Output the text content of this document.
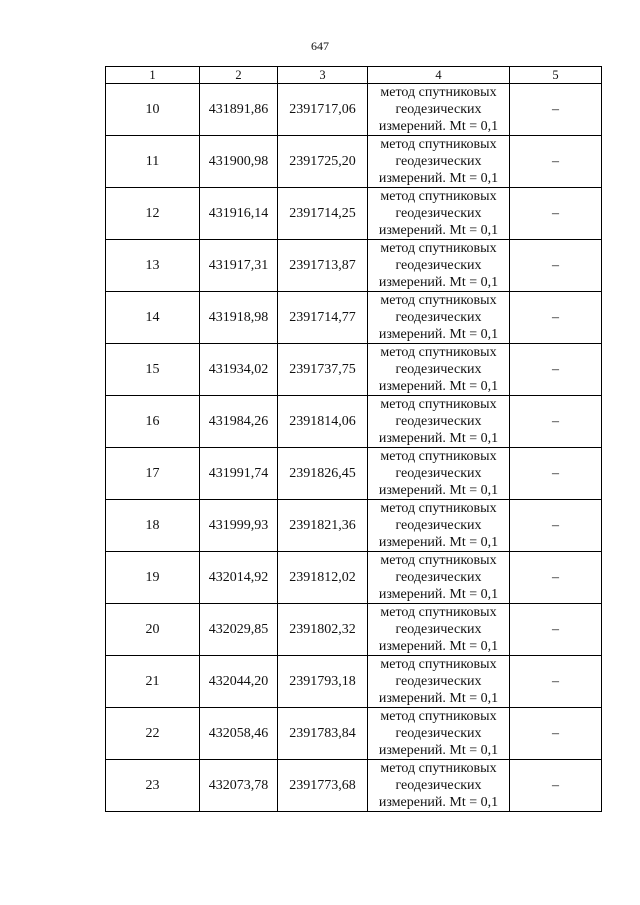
647
1	2	3	4	5
10	431891,86	2391717,06	метод спутниковых
геодезических
измерений. Mt = 0,1	–
11	431900,98	2391725,20	метод спутниковых
геодезических
измерений. Mt = 0,1	–
12	431916,14	2391714,25	метод спутниковых
геодезических
измерений. Mt = 0,1	–
13	431917,31	2391713,87	метод спутниковых
геодезических
измерений. Mt = 0,1	–
14	431918,98	2391714,77	метод спутниковых
геодезических
измерений. Mt = 0,1	–
15	431934,02	2391737,75	метод спутниковых
геодезических
измерений. Mt = 0,1	–
16	431984,26	2391814,06	метод спутниковых
геодезических
измерений. Mt = 0,1	–
17	431991,74	2391826,45	метод спутниковых
геодезических
измерений. Mt = 0,1	–
18	431999,93	2391821,36	метод спутниковых
геодезических
измерений. Mt = 0,1	–
19	432014,92	2391812,02	метод спутниковых
геодезических
измерений. Mt = 0,1	–
20	432029,85	2391802,32	метод спутниковых
геодезических
измерений. Mt = 0,1	–
21	432044,20	2391793,18	метод спутниковых
геодезических
измерений. Mt = 0,1	–
22	432058,46	2391783,84	метод спутниковых
геодезических
измерений. Mt = 0,1	–
23	432073,78	2391773,68	метод спутниковых
геодезических
измерений. Mt = 0,1	–
